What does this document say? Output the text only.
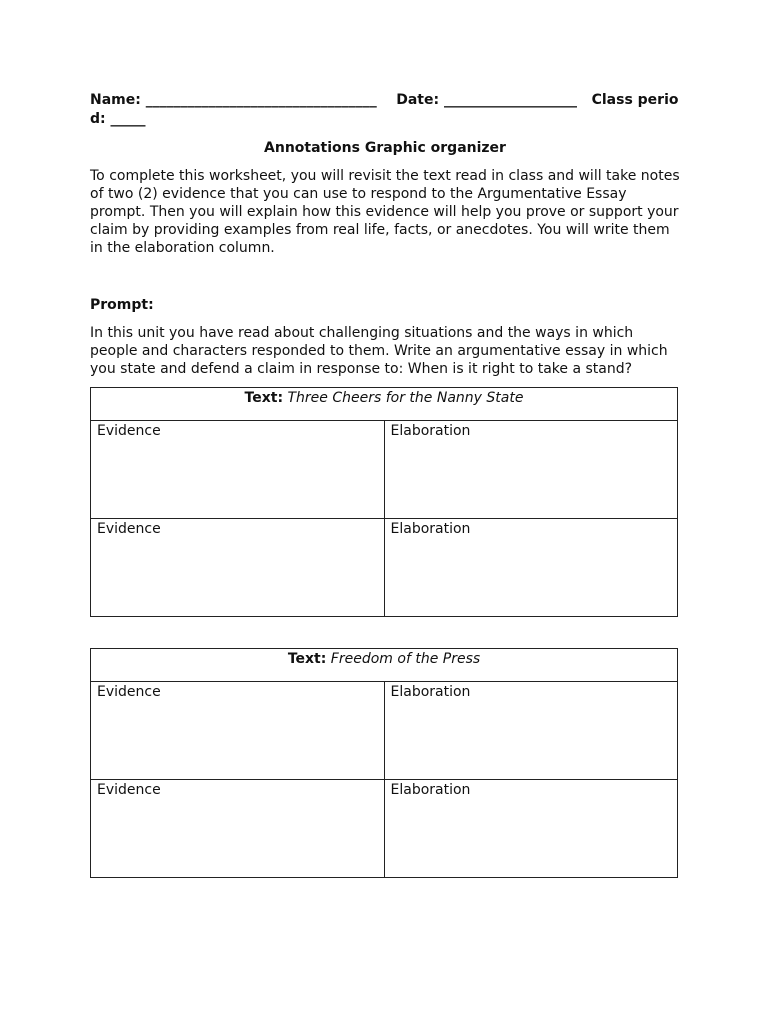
Name: _________________________________ Date: ___________________ Class period: _____
Annotations Graphic organizer
To complete this worksheet, you will revisit the text read in class and will take notes of two (2) evidence that you can use to respond to the Argumentative Essay prompt. Then you will explain how this evidence will help you prove or support your claim by providing examples from real life, facts, or anecdotes. You will write them in the elaboration column.
Prompt:
In this unit you have read about challenging situations and the ways in which people and characters responded to them. Write an argumentative essay in which you state and defend a claim in response to: When is it right to take a stand?
Text: Three Cheers for the Nanny State	
Evidence	Elaboration
Evidence	Elaboration
Text: Freedom of the Press	
Evidence	Elaboration
Evidence	Elaboration
